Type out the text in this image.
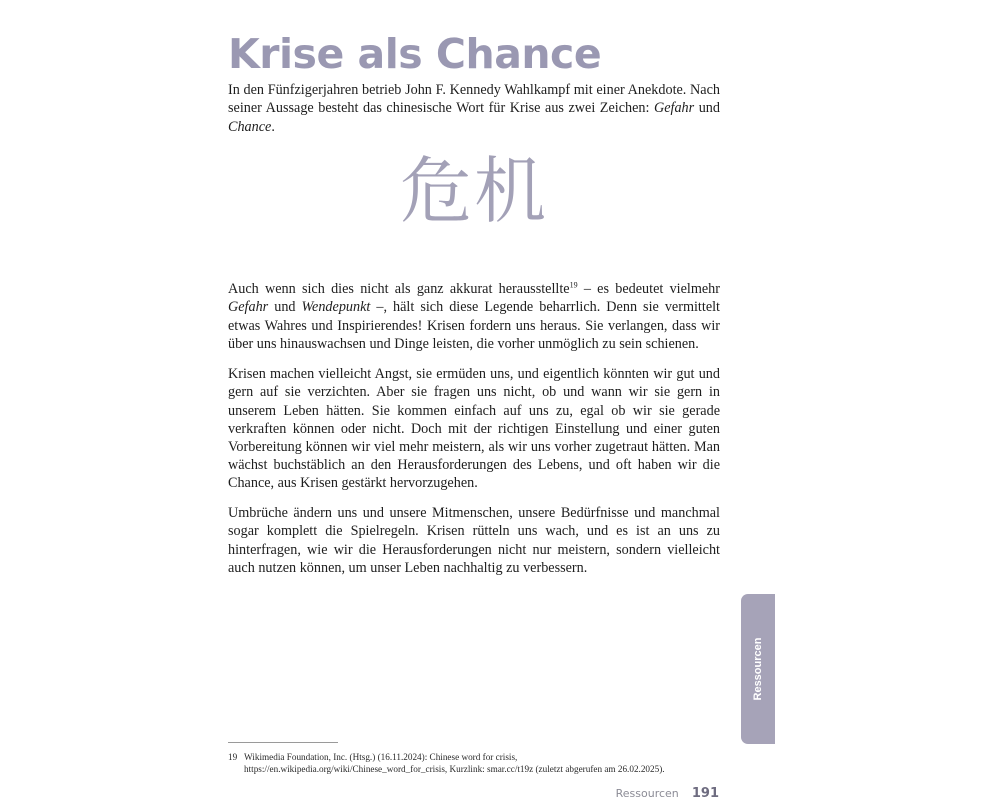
Krise als Chance

In den Fünfzigerjahren betrieb John F. Kennedy Wahlkampf mit einer Anekdote. Nach seiner Aussage besteht das chinesische Wort für Krise aus zwei Zeichen: Gefahr und Chance.

危机

Auch wenn sich dies nicht als ganz akkurat herausstellte$^{19}$ – es bedeutet vielmehr Gefahr und Wendepunkt –, hält sich diese Legende beharrlich. Denn sie vermittelt etwas Wahres und Inspirierendes! Krisen fordern uns heraus. Sie verlangen, dass wir über uns hinauswachsen und Dinge leisten, die vorher unmöglich zu sein schienen.

Krisen machen vielleicht Angst, sie ermüden uns, und eigentlich könnten wir gut und gern auf sie verzichten. Aber sie fragen uns nicht, ob und wann wir sie gern in unserem Leben hätten. Sie kommen einfach auf uns zu, egal ob wir sie gerade verkraften können oder nicht. Doch mit der richtigen Einstellung und einer guten Vorbereitung können wir viel mehr meistern, als wir uns vorher zugetraut hätten. Man wächst buchstäblich an den Herausforderungen des Lebens, und oft haben wir die Chance, aus Krisen gestärkt hervorzugehen.

Umbrüche ändern uns und unsere Mitmenschen, unsere Bedürfnisse und manchmal sogar komplett die Spielregeln. Krisen rütteln uns wach, und es ist an uns zu hinterfragen, wie wir die Herausforderungen nicht nur meistern, sondern vielleicht auch nutzen können, um unser Leben nachhaltig zu verbessern.

Ressourcen
19 Wikimedia Foundation, Inc. (Htsg.) (16.11.2024): Chinese word for crisis, https://en.wikipedia.org/wiki/Chinese_word_for_crisis, Kurzlink: smar.cc/t19z (zuletzt abgerufen am 26.02.2025).
Ressourcen 191
